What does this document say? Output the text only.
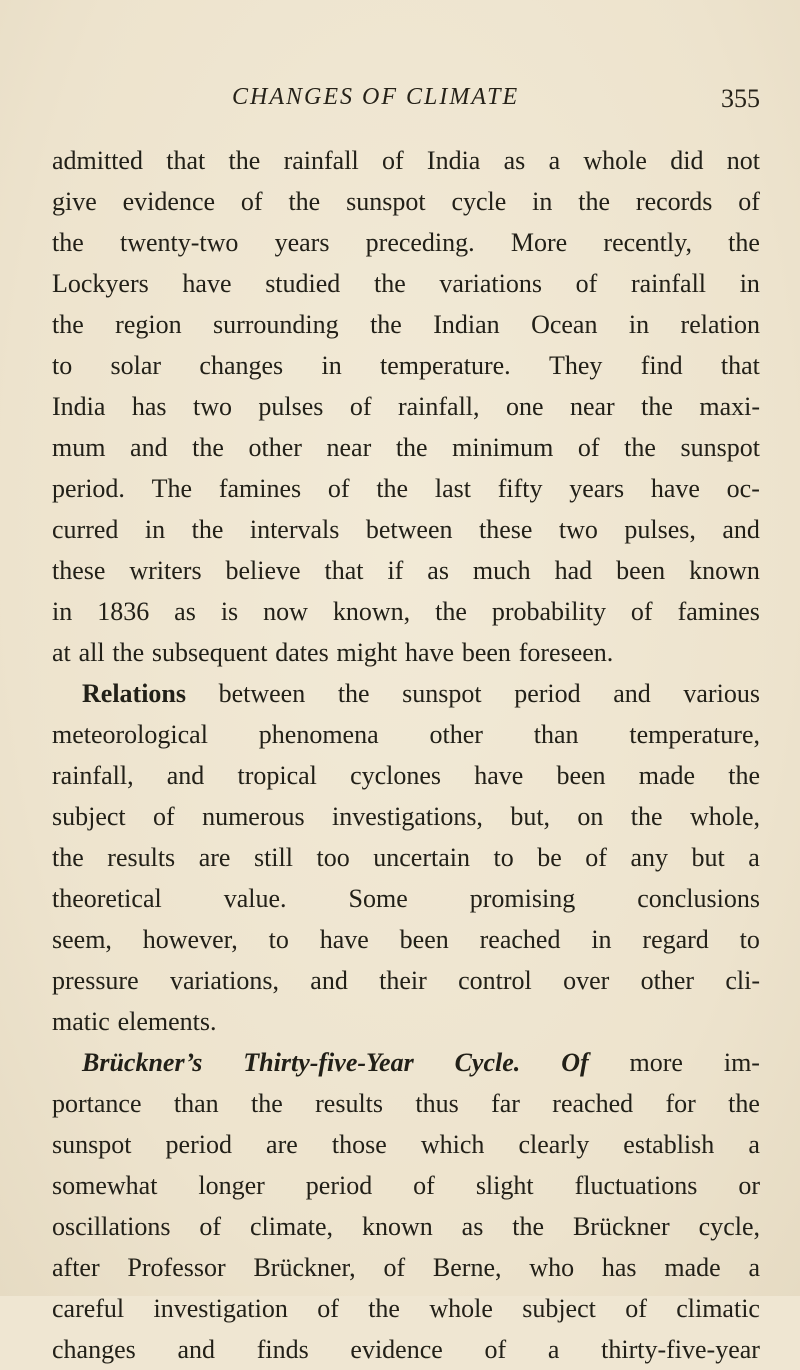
CHANGES OF CLIMATE	355
admitted that the rainfall of India as a whole did not
give evidence of the sunspot cycle in the records of
the twenty-two years preceding. More recently, the
Lockyers have studied the variations of rainfall in
the region surrounding the Indian Ocean in relation
to solar changes in temperature. They find that
India has two pulses of rainfall, one near the maxi-
mum and the other near the minimum of the sunspot
period. The famines of the last fifty years have oc-
curred in the intervals between these two pulses, and
these writers believe that if as much had been known
in 1836 as is now known, the probability of famines
at all the subsequent dates might have been foreseen.
Relations between the sunspot period and various
meteorological phenomena other than temperature,
rainfall, and tropical cyclones have been made the
subject of numerous investigations, but, on the whole,
the results are still too uncertain to be of any but a
theoretical value. Some promising conclusions
seem, however, to have been reached in regard to
pressure variations, and their control over other cli-
matic elements.
Brückner’s Thirty-five-Year Cycle. Of more im-
portance than the results thus far reached for the
sunspot period are those which clearly establish a
somewhat longer period of slight fluctuations or
oscillations of climate, known as the Brückner cycle,
after Professor Brückner, of Berne, who has made a
careful investigation of the whole subject of climatic
changes and finds evidence of a thirty-five-year
